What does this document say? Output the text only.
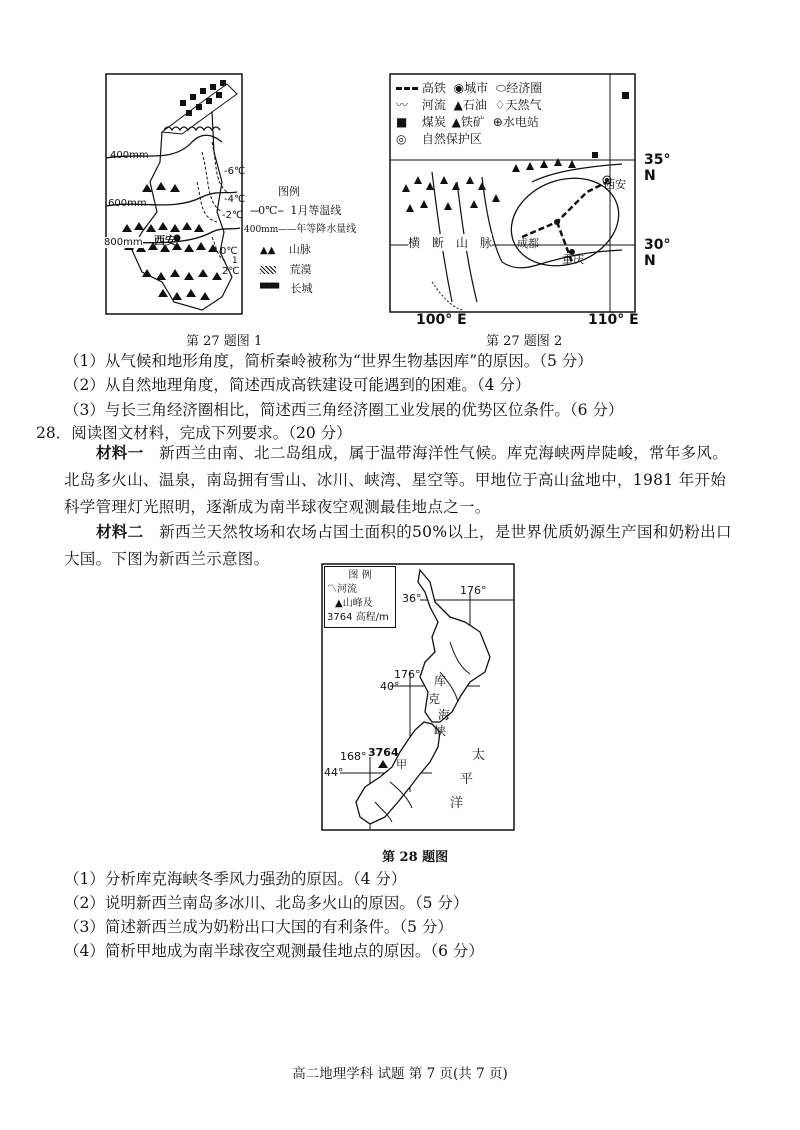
400mm
600mm
800mm
-6℃
-4℃
-2℃
0℃
1
2℃
西安
图例
---0℃-- 1月等温线
400mm——年等降水量线
▲▲ 山脉
荒漠
▀▀▀ 长城
第 27 题图 1
高铁 ◉城市 ⬭经济圈
〰 河流 ▲石油 ♢天然气
■ 煤炭 ▲铁矿 ⊕水电站
◎ 自然保护区
35° N
30° N
100° E	110° E
西安
成都
重庆
横　断　山　脉
第 27 题图 2
（1）从气候和地形角度，简析秦岭被称为“世界生物基因库”的原因。（5 分）
（2）从自然地理角度，简述西成高铁建设可能遇到的困难。（4 分）
（3）与长三角经济圈相比，简述西三角经济圈工业发展的优势区位条件。（6 分）
28．阅读图文材料，完成下列要求。（20 分）
材料一　 新西兰由南、北二岛组成，属于温带海洋性气候。库克海峡两岸陡峻，常年多风。北岛多火山、温泉，南岛拥有雪山、冰川、峡湾、星空等。甲地位于高山盆地中，1981 年开始科学管理灯光照明，逐渐成为南半球夜空观测最佳地点之一。
材料二　 新西兰天然牧场和农场占国土面积的50%以上，是世界优质奶源生产国和奶粉出口大国。下图为新西兰示意图。
图 例
〽河流
▲山峰及
3764 高程/m
36°
176°
176°
40°
168°
44°
3764
甲
库
克
海
峡
太
平
洋
第 28 题图
（1）分析库克海峡冬季风力强劲的原因。（4 分）
（2）说明新西兰南岛多冰川、北岛多火山的原因。（5 分）
（3）简述新西兰成为奶粉出口大国的有利条件。（5 分）
（4）简析甲地成为南半球夜空观测最佳地点的原因。（6 分）
高二地理学科 试题 第 7 页(共 7 页)
